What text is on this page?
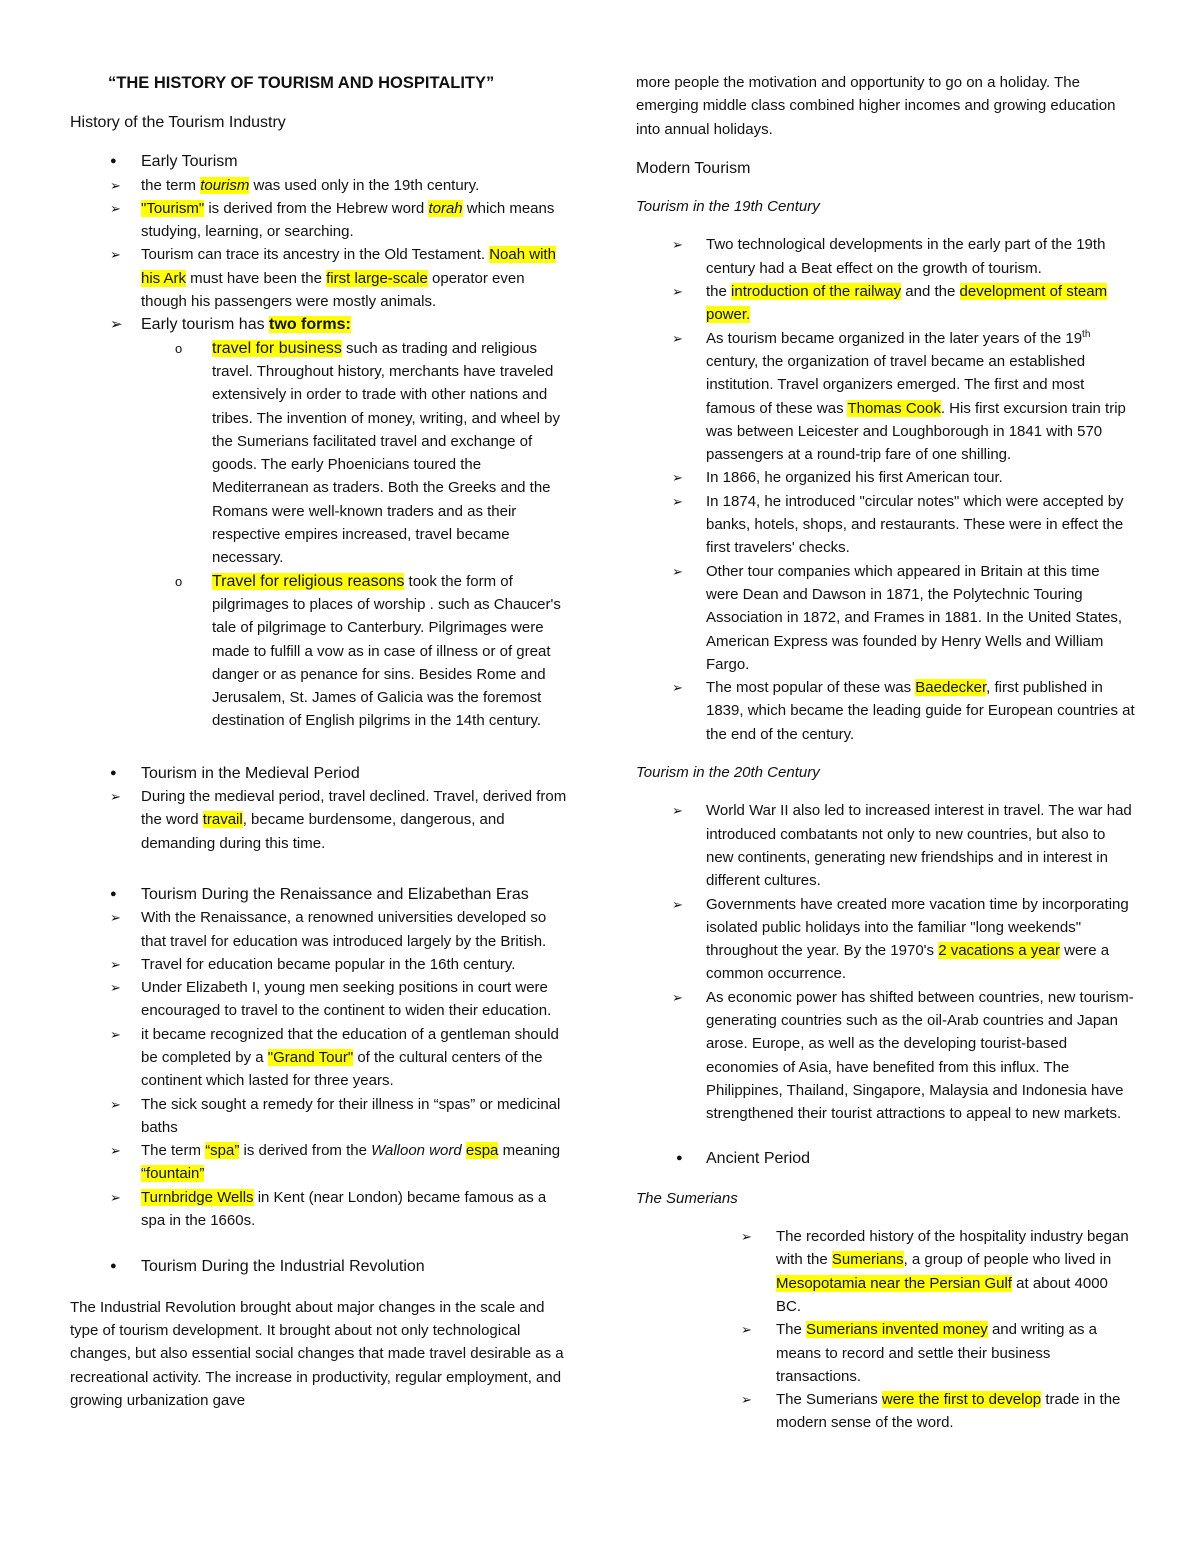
“THE HISTORY OF TOURISM AND HOSPITALITY”

History of the Tourism Industry

● Early Tourism

➢ the term tourism was used only in the 19th century.

➢ "Tourism" is derived from the Hebrew word torah which means studying, learning, or searching.

➢ Tourism can trace its ancestry in the Old Testament. Noah with his Ark must have been the first large-scale operator even though his passengers were mostly animals.

➢ Early tourism has two forms:

o travel for business such as trading and religious travel. Throughout history, merchants have traveled extensively in order to trade with other nations and tribes. The invention of money, writing, and wheel by the Sumerians facilitated travel and exchange of goods. The early Phoenicians toured the Mediterranean as traders. Both the Greeks and the Romans were well-known traders and as their respective empires increased, travel became necessary.

o Travel for religious reasons took the form of pilgrimages to places of worship . such as Chaucer's tale of pilgrimage to Canterbury. Pilgrimages were made to fulfill a vow as in case of illness or of great danger or as penance for sins. Besides Rome and Jerusalem, St. James of Galicia was the foremost destination of English pilgrims in the 14th century.

● Tourism in the Medieval Period

➢ During the medieval period, travel declined. Travel, derived from the word travail, became burdensome, dangerous, and demanding during this time.

● Tourism During the Renaissance and Elizabethan Eras

➢ With the Renaissance, a renowned universities developed so that travel for education was introduced largely by the British.

➢ Travel for education became popular in the 16th century.

➢ Under Elizabeth I, young men seeking positions in court were encouraged to travel to the continent to widen their education.

➢ it became recognized that the education of a gentleman should be completed by a "Grand Tour" of the cultural centers of the continent which lasted for three years.

➢ The sick sought a remedy for their illness in “spas” or medicinal baths

➢ The term “spa” is derived from the Walloon word espa meaning “fountain”

➢ Turnbridge Wells in Kent (near London) became famous as a spa in the 1660s.

● Tourism During the Industrial Revolution

The Industrial Revolution brought about major changes in the scale and type of tourism development. It brought about not only technological changes, but also essential social changes that made travel desirable as a recreational activity. The increase in productivity, regular employment, and growing urbanization gave

more people the motivation and opportunity to go on a holiday. The emerging middle class combined higher incomes and growing education into annual holidays.

Modern Tourism

Tourism in the 19th Century

➢ Two technological developments in the early part of the 19th century had a Beat effect on the growth of tourism.

➢ the introduction of the railway and the development of steam power.

➢ As tourism became organized in the later years of the 19th century, the organization of travel became an established institution. Travel organizers emerged. The first and most famous of these was Thomas Cook. His first excursion train trip was between Leicester and Loughborough in 1841 with 570 passengers at a round-trip fare of one shilling.

➢ In 1866, he organized his first American tour.

➢ In 1874, he introduced "circular notes" which were accepted by banks, hotels, shops, and restaurants. These were in effect the first travelers' checks.

➢ Other tour companies which appeared in Britain at this time were Dean and Dawson in 1871, the Polytechnic Touring Association in 1872, and Frames in 1881. In the United States, American Express was founded by Henry Wells and William Fargo.

➢ The most popular of these was Baedecker, first published in 1839, which became the leading guide for European countries at the end of the century.

Tourism in the 20th Century

➢ World War II also led to increased interest in travel. The war had introduced combatants not only to new countries, but also to new continents, generating new friendships and in interest in different cultures.

➢ Governments have created more vacation time by incorporating isolated public holidays into the familiar "long weekends" throughout the year. By the 1970's 2 vacations a year were a common occurrence.

➢ As economic power has shifted between countries, new tourism- generating countries such as the oil-Arab countries and Japan arose. Europe, as well as the developing tourist-based economies of Asia, have benefited from this influx. The Philippines, Thailand, Singapore, Malaysia and Indonesia have strengthened their tourist attractions to appeal to new markets.

● Ancient Period

The Sumerians

➢ The recorded history of the hospitality industry began with the Sumerians, a group of people who lived in Mesopotamia near the Persian Gulf at about 4000 BC.

➢ The Sumerians invented money and writing as a means to record and settle their business transactions.

➢ The Sumerians were the first to develop trade in the modern sense of the word.
